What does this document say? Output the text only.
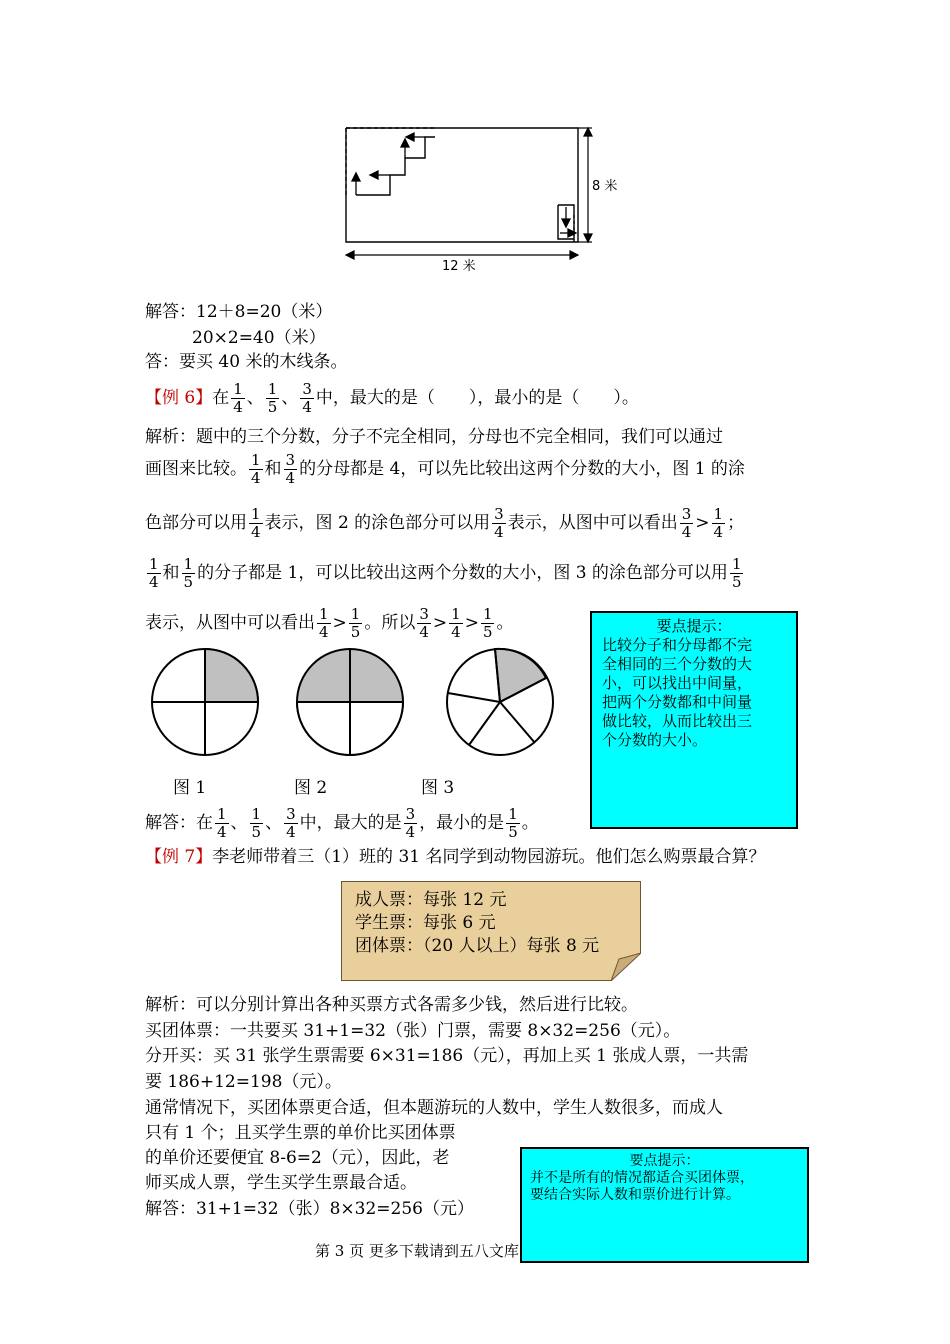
12 米
8 米
解答：12＋8=20（米）
20×2=40（米）
答：要买 40 米的木线条。
【例 6】在 $\frac{1}{4}$ 、 $\frac{1}{5}$ 、 $\frac{3}{4}$ 中，最大的是（　　），最小的是（　　）。
解析：题中的三个分数，分子不完全相同，分母也不完全相同，我们可以通过
画图来比较。 $\frac{1}{4}$ 和 $\frac{3}{4}$ 的分母都是 4，可以先比较出这两个分数的大小，图 1 的涂
色部分可以用 $\frac{1}{4}$ 表示，图 2 的涂色部分可以用 $\frac{3}{4}$ 表示，从图中可以看出 $\frac{3}{4} > \frac{1}{4}$ ；
$\frac{1}{4}$ 和 $\frac{1}{5}$ 的分子都是 1，可以比较出这两个分数的大小，图 3 的涂色部分可以用 $\frac{1}{5}$
表示，从图中可以看出 $\frac{1}{4} > \frac{1}{5}$ 。所以 $\frac{3}{4} > \frac{1}{4} > \frac{1}{5}$ 。	要点提示：
比较分子和分母都不完
全相同的三个分数的大
小，可以找出中间量，
把两个分数都和中间量
做比较，从而比较出三
个分数的大小。
图 1	图 2	图 3
解答：在 $\frac{1}{4}$ 、 $\frac{1}{5}$ 、 $\frac{3}{4}$ 中，最大的是 $\frac{3}{4}$ ，最小的是 $\frac{1}{5}$ 。
【例 7】李老师带着三（1）班的 31 名同学到动物园游玩。他们怎么购票最合算？
成人票：每张 12 元
学生票：每张 6 元
团体票：（20 人以上）每张 8 元
解析：可以分别计算出各种买票方式各需多少钱，然后进行比较。
买团体票：一共要买 31+1=32（张）门票，需要 8×32=256（元）。
分开买：买 31 张学生票需要 6×31=186（元），再加上买 1 张成人票，一共需
要 186+12=198（元）。
通常情况下，买团体票更合适，但本题游玩的人数中，学生人数很多，而成人
只有 1 个；且买学生票的单价比买团体票
的单价还要便宜 8-6=2（元），因此，老
师买成人票，学生买学生票最合适。
解答：31+1=32（张）8×32=256（元）
要点提示：
并不是所有的情况都适合买团体票，
要结合实际人数和票价进行计算。
第 3 页 更多下载请到五八文库
